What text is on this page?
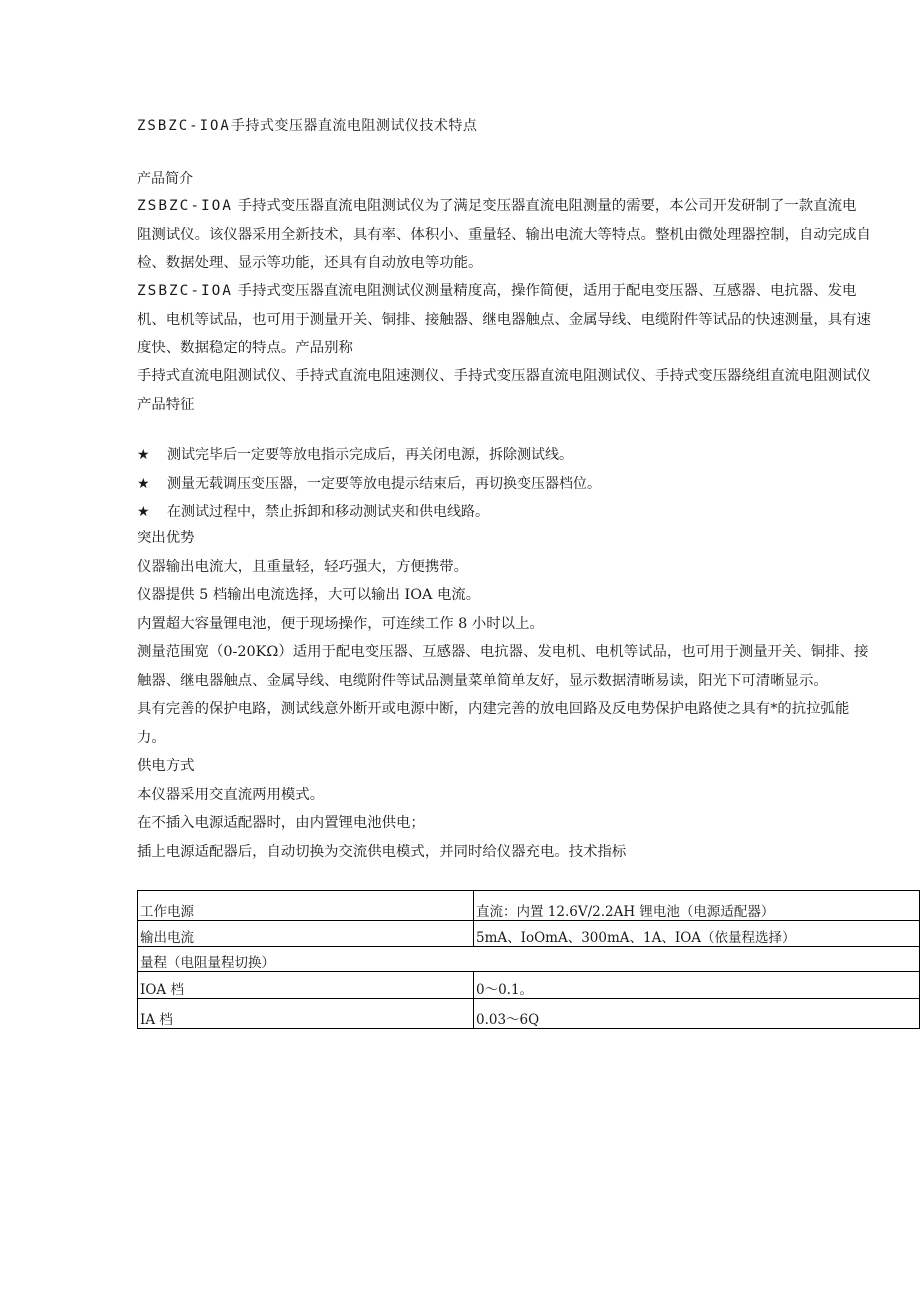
ZSBZC-IOA手持式变压器直流电阻测试仪技术特点
产品简介
ZSBZC-IOA 手持式变压器直流电阻测试仪为了满足变压器直流电阻测量的需要，本公司开发研制了一款直流电
阻测试仪。该仪器采用全新技术，具有率、体积小、重量轻、输出电流大等特点。整机由微处理器控制，自动完成自
检、数据处理、显示等功能，还具有自动放电等功能。
ZSBZC-IOA 手持式变压器直流电阻测试仪测量精度高，操作简便，适用于配电变压器、互感器、电抗器、发电
机、电机等试品，也可用于测量开关、铜排、接触器、继电器触点、金属导线、电缆附件等试品的快速测量，具有速
度快、数据稳定的特点。产品别称
手持式直流电阻测试仪、手持式直流电阻速测仪、手持式变压器直流电阻测试仪、手持式变压器绕组直流电阻测试仪
产品特征
★ 测试完毕后一定要等放电指示完成后，再关闭电源，拆除测试线。
★ 测量无载调压变压器，一定要等放电提示结束后，再切换变压器档位。
★ 在测试过程中，禁止拆卸和移动测试夹和供电线路。
突出优势
仪器输出电流大，且重量轻，轻巧强大，方便携带。
仪器提供 5 档输出电流选择，大可以输出 IOA 电流。
内置超大容量锂电池，便于现场操作，可连续工作 8 小时以上。
测量范围宽（0-20KΩ）适用于配电变压器、互感器、电抗器、发电机、电机等试品，也可用于测量开关、铜排、接
触器、继电器触点、金属导线、电缆附件等试品测量菜单简单友好，显示数据清晰易读，阳光下可清晰显示。
具有完善的保护电路，测试线意外断开或电源中断，内建完善的放电回路及反电势保护电路使之具有*的抗拉弧能
力。
供电方式
本仪器采用交直流两用模式。
在不插入电源适配器时，由内置锂电池供电；
插上电源适配器后，自动切换为交流供电模式，并同时给仪器充电。技术指标
工作电源	直流：内置 12.6V/2.2AH 锂电池（电源适配器）
输出电流	5mA、IoOmA、300mA、1A、IOA（依量程选择）
量程（电阻量程切换）	
IOA 档	0～0.1。
IA 档	0.03～6Q
